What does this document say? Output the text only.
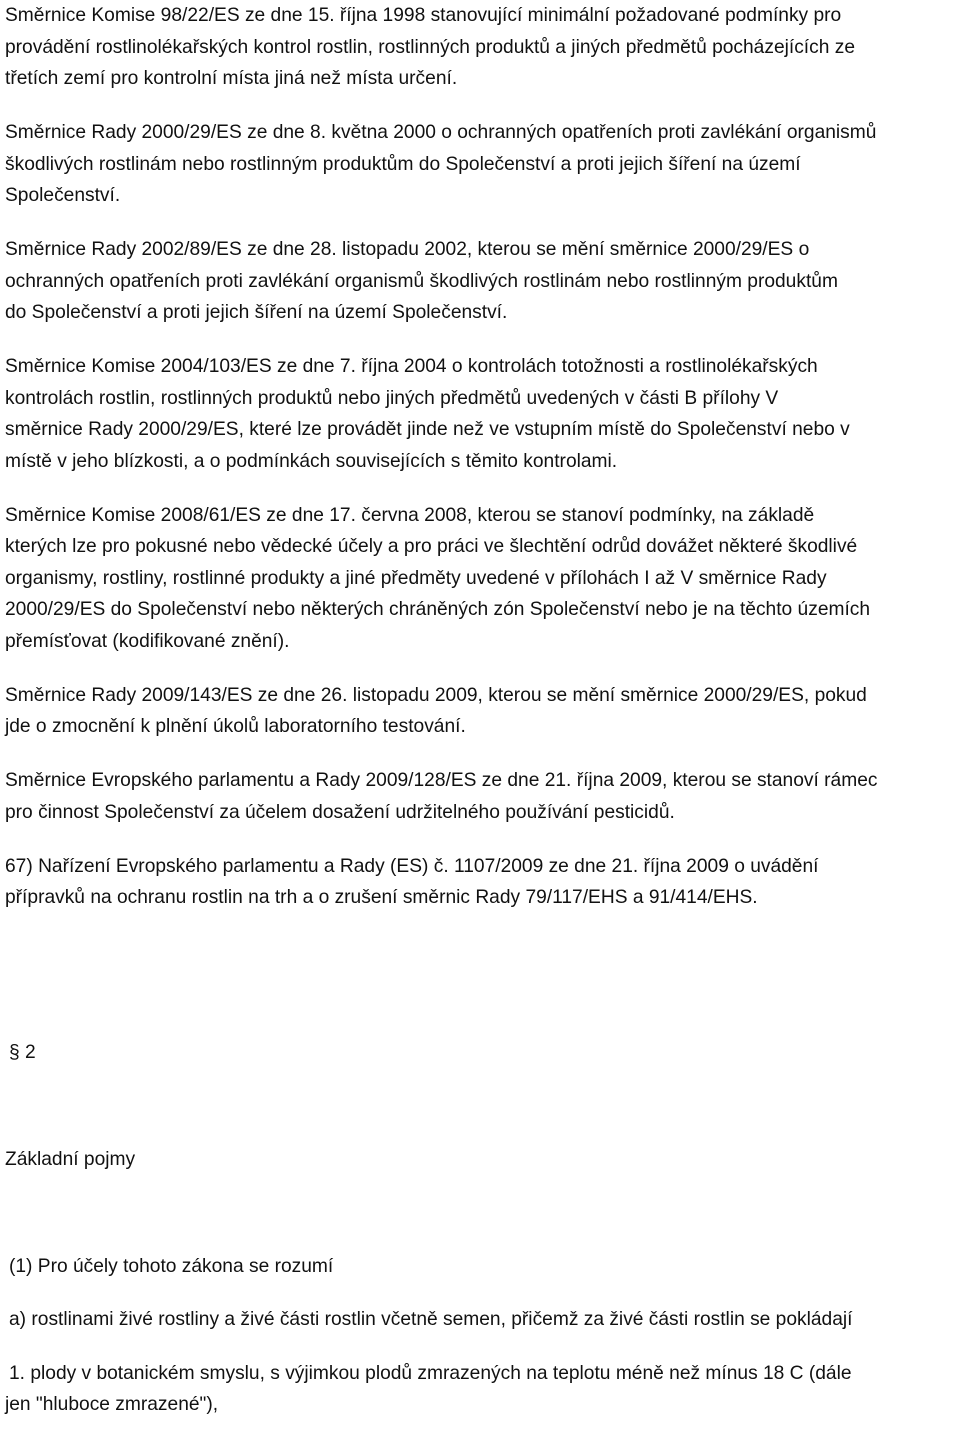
Směrnice Komise 98/22/ES ze dne 15. října 1998 stanovující minimální požadované podmínky pro
provádění rostlinolékařských kontrol rostlin, rostlinných produktů a jiných předmětů pocházejících ze
třetích zemí pro kontrolní místa jiná než místa určení.
Směrnice Rady 2000/29/ES ze dne 8. května 2000 o ochranných opatřeních proti zavlékání organismů
škodlivých rostlinám nebo rostlinným produktům do Společenství a proti jejich šíření na území
Společenství.
Směrnice Rady 2002/89/ES ze dne 28. listopadu 2002, kterou se mění směrnice 2000/29/ES o
ochranných opatřeních proti zavlékání organismů škodlivých rostlinám nebo rostlinným produktům
do Společenství a proti jejich šíření na území Společenství.
Směrnice Komise 2004/103/ES ze dne 7. října 2004 o kontrolách totožnosti a rostlinolékařských
kontrolách rostlin, rostlinných produktů nebo jiných předmětů uvedených v části B přílohy V
směrnice Rady 2000/29/ES, které lze provádět jinde než ve vstupním místě do Společenství nebo v
místě v jeho blízkosti, a o podmínkách souvisejících s těmito kontrolami.
Směrnice Komise 2008/61/ES ze dne 17. června 2008, kterou se stanoví podmínky, na základě
kterých lze pro pokusné nebo vědecké účely a pro práci ve šlechtění odrůd dovážet některé škodlivé
organismy, rostliny, rostlinné produkty a jiné předměty uvedené v přílohách I až V směrnice Rady
2000/29/ES do Společenství nebo některých chráněných zón Společenství nebo je na těchto územích
přemísťovat (kodifikované znění).
Směrnice Rady 2009/143/ES ze dne 26. listopadu 2009, kterou se mění směrnice 2000/29/ES, pokud
jde o zmocnění k plnění úkolů laboratorního testování.
Směrnice Evropského parlamentu a Rady 2009/128/ES ze dne 21. října 2009, kterou se stanoví rámec
pro činnost Společenství za účelem dosažení udržitelného používání pesticidů.
67) Nařízení Evropského parlamentu a Rady (ES) č. 1107/2009 ze dne 21. října 2009 o uvádění
přípravků na ochranu rostlin na trh a o zrušení směrnic Rady 79/117/EHS a 91/414/EHS.
§ 2
Základní pojmy
(1) Pro účely tohoto zákona se rozumí
a) rostlinami živé rostliny a živé části rostlin včetně semen, přičemž za živé části rostlin se pokládají
1. plody v botanickém smyslu, s výjimkou plodů zmrazených na teplotu méně než mínus 18 C (dále
jen "hluboce zmrazené"),
